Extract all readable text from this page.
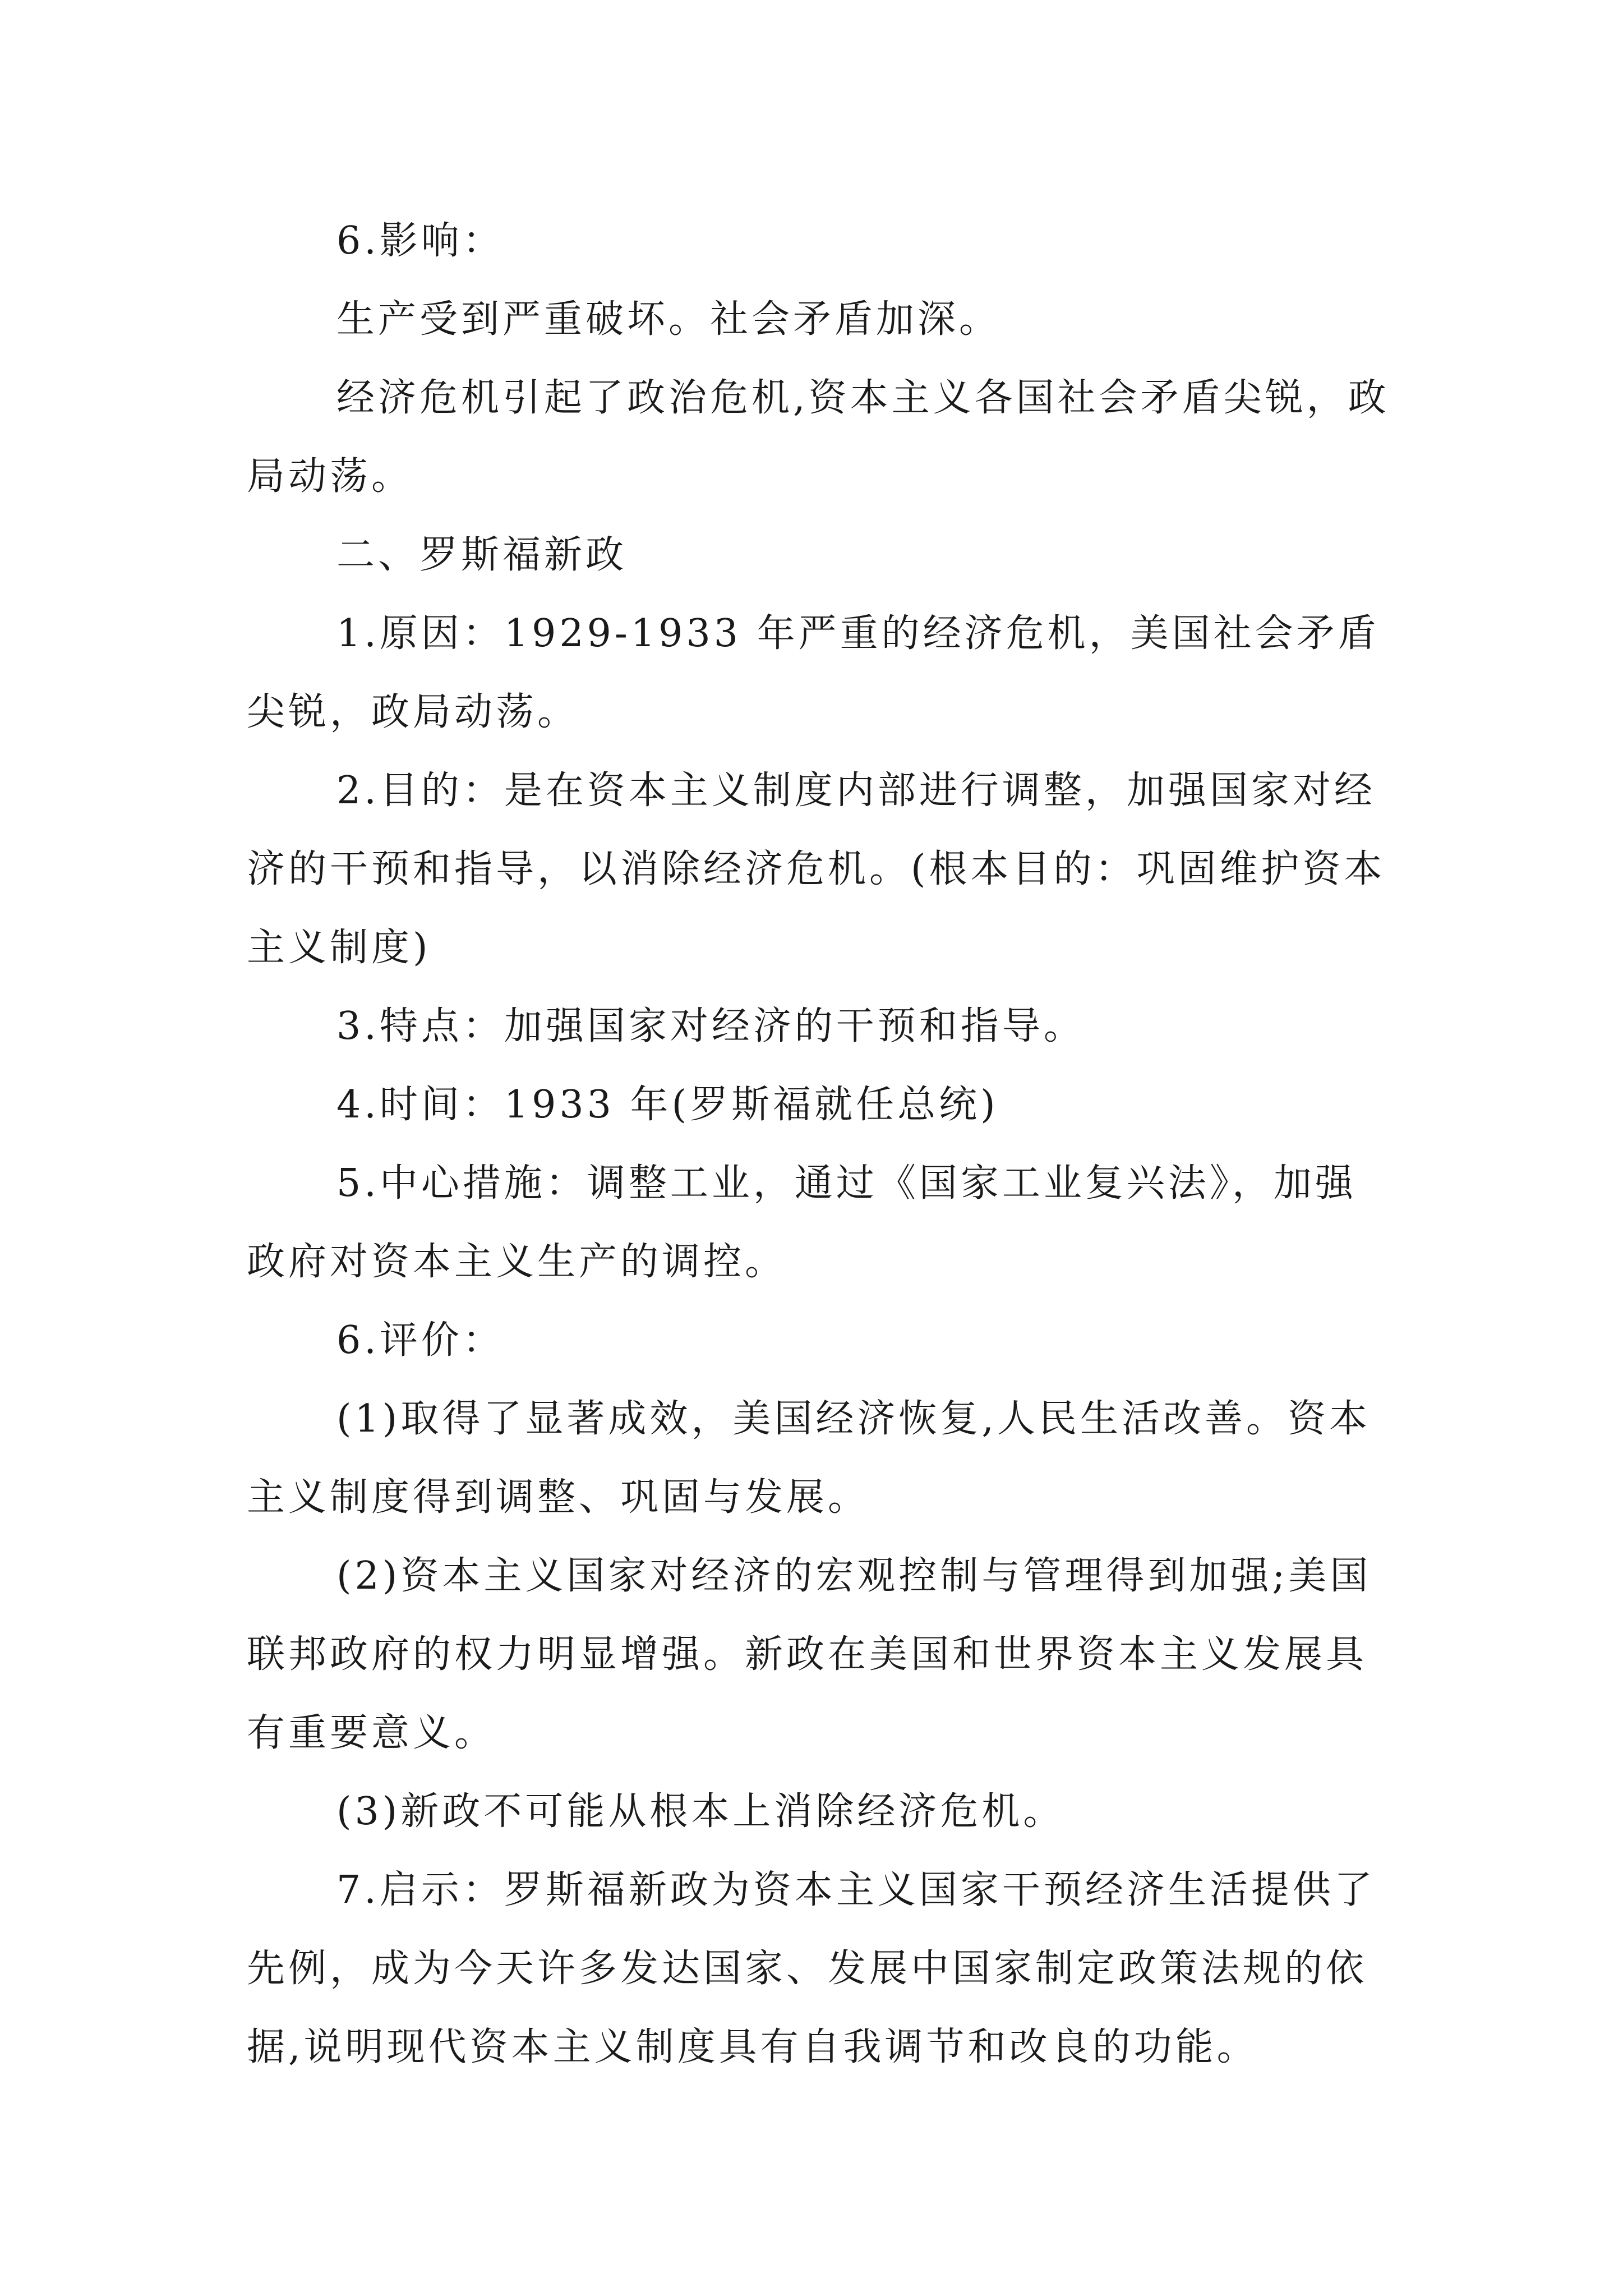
6.影响：

生产受到严重破坏。社会矛盾加深。

经济危机引起了政治危机,资本主义各国社会矛盾尖锐，政局动荡。

二、罗斯福新政

1.原因：1929-1933 年严重的经济危机，美国社会矛盾尖锐，政局动荡。

2.目的：是在资本主义制度内部进行调整，加强国家对经济的干预和指导，以消除经济危机。(根本目的：巩固维护资本主义制度)

3.特点：加强国家对经济的干预和指导。

4.时间：1933 年(罗斯福就任总统)

5.中心措施：调整工业，通过《国家工业复兴法》，加强政府对资本主义生产的调控。

6.评价：

(1)取得了显著成效，美国经济恢复,人民生活改善。资本主义制度得到调整、巩固与发展。

(2)资本主义国家对经济的宏观控制与管理得到加强;美国联邦政府的权力明显增强。新政在美国和世界资本主义发展具有重要意义。

(3)新政不可能从根本上消除经济危机。

7.启示：罗斯福新政为资本主义国家干预经济生活提供了先例，成为今天许多发达国家、发展中国家制定政策法规的依据,说明现代资本主义制度具有自我调节和改良的功能。
